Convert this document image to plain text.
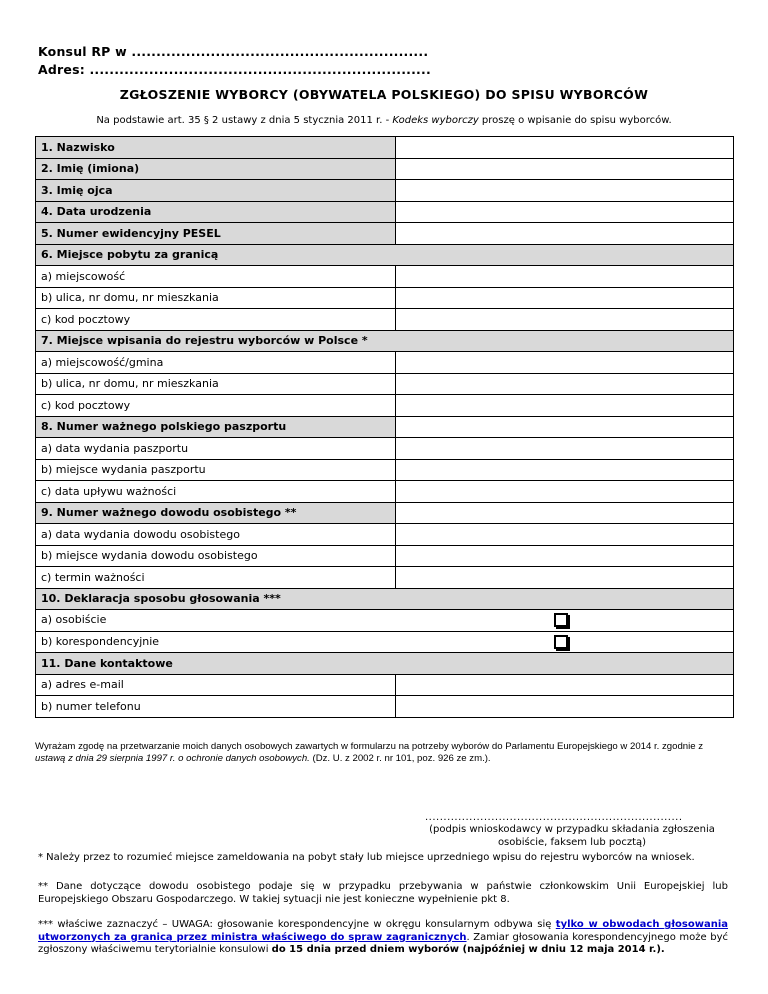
Konsul RP w ............................................................
Adres: .....................................................................
ZGŁOSZENIE WYBORCY (OBYWATELA POLSKIEGO) DO SPISU WYBORCÓW
Na podstawie art. 35 § 2 ustawy z dnia 5 stycznia 2011 r. - Kodeks wyborczy proszę o wpisanie do spisu wyborców.
1. Nazwisko	
2. Imię (imiona)	
3. Imię ojca	
4. Data urodzenia	
5. Numer ewidencyjny PESEL	
6. Miejsce pobytu za granicą	
a) miejscowość	
b) ulica, nr domu, nr mieszkania	
c) kod pocztowy	
7. Miejsce wpisania do rejestru wyborców w Polsce *	
a) miejscowość/gmina	
b) ulica, nr domu, nr mieszkania	
c) kod pocztowy	
8. Numer ważnego polskiego paszportu	
a) data wydania paszportu	
b) miejsce wydania paszportu	
c) data upływu ważności	
9. Numer ważnego dowodu osobistego **	
a) data wydania dowodu osobistego	
b) miejsce wydania dowodu osobistego	
c) termin ważności	
10. Deklaracja sposobu głosowania ***	
a) osobiście	
b) korespondencyjnie	
11. Dane kontaktowe	
a) adres e-mail	
b) numer telefonu	
Wyrażam zgodę na przetwarzanie moich danych osobowych zawartych w formularzu na potrzeby wyborów do Parlamentu Europejskiego w 2014 r. zgodnie z ustawą z dnia 29 sierpnia 1997 r. o ochronie danych osobowych. (Dz. U. z 2002 r. nr 101, poz. 926 ze zm.).
......................................................................
(podpis wnioskodawcy w przypadku składania zgłoszenia osobiście, faksem lub pocztą)
* Należy przez to rozumieć miejsce zameldowania na pobyt stały lub miejsce uprzedniego wpisu do rejestru wyborców na wniosek.
** Dane dotyczące dowodu osobistego podaje się w przypadku przebywania w państwie członkowskim Unii Europejskiej lub Europejskiego Obszaru Gospodarczego. W takiej sytuacji nie jest konieczne wypełnienie pkt 8.
*** właściwe zaznaczyć – UWAGA: głosowanie korespondencyjne w okręgu konsularnym odbywa się tylko w obwodach głosowania utworzonych za granicą przez ministra właściwego do spraw zagranicznych. Zamiar głosowania korespondencyjnego może być zgłoszony właściwemu terytorialnie konsulowi do 15 dnia przed dniem wyborów (najpóźniej w dniu 12 maja 2014 r.).
